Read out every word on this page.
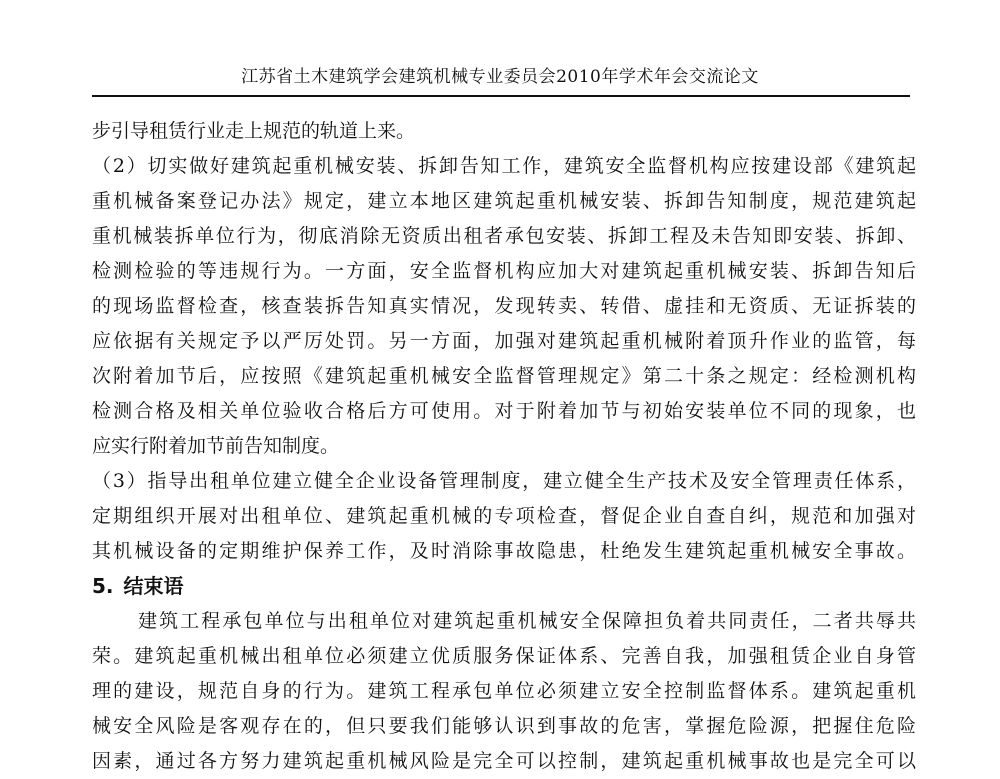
江苏省土木建筑学会建筑机械专业委员会2010年学术年会交流论文
步引导租赁行业走上规范的轨道上来。
（2）切实做好建筑起重机械安装、拆卸告知工作，建筑安全监督机构应按建设部《建筑起
重机械备案登记办法》规定，建立本地区建筑起重机械安装、拆卸告知制度，规范建筑起
重机械装拆单位行为，彻底消除无资质出租者承包安装、拆卸工程及未告知即安装、拆卸、
检测检验的等违规行为。一方面，安全监督机构应加大对建筑起重机械安装、拆卸告知后
的现场监督检查，核查装拆告知真实情况，发现转卖、转借、虚挂和无资质、无证拆装的
应依据有关规定予以严厉处罚。另一方面，加强对建筑起重机械附着顶升作业的监管，每
次附着加节后，应按照《建筑起重机械安全监督管理规定》第二十条之规定：经检测机构
检测合格及相关单位验收合格后方可使用。对于附着加节与初始安装单位不同的现象，也
应实行附着加节前告知制度。
（3）指导出租单位建立健全企业设备管理制度，建立健全生产技术及安全管理责任体系，
定期组织开展对出租单位、建筑起重机械的专项检查，督促企业自查自纠，规范和加强对
其机械设备的定期维护保养工作，及时消除事故隐患，杜绝发生建筑起重机械安全事故。
5. 结束语
建筑工程承包单位与出租单位对建筑起重机械安全保障担负着共同责任，二者共辱共
荣。建筑起重机械出租单位必须建立优质服务保证体系、完善自我，加强租赁企业自身管
理的建设，规范自身的行为。建筑工程承包单位必须建立安全控制监督体系。建筑起重机
械安全风险是客观存在的，但只要我们能够认识到事故的危害，掌握危险源，把握住危险
因素，通过各方努力建筑起重机械风险是完全可以控制，建筑起重机械事故也是完全可以
